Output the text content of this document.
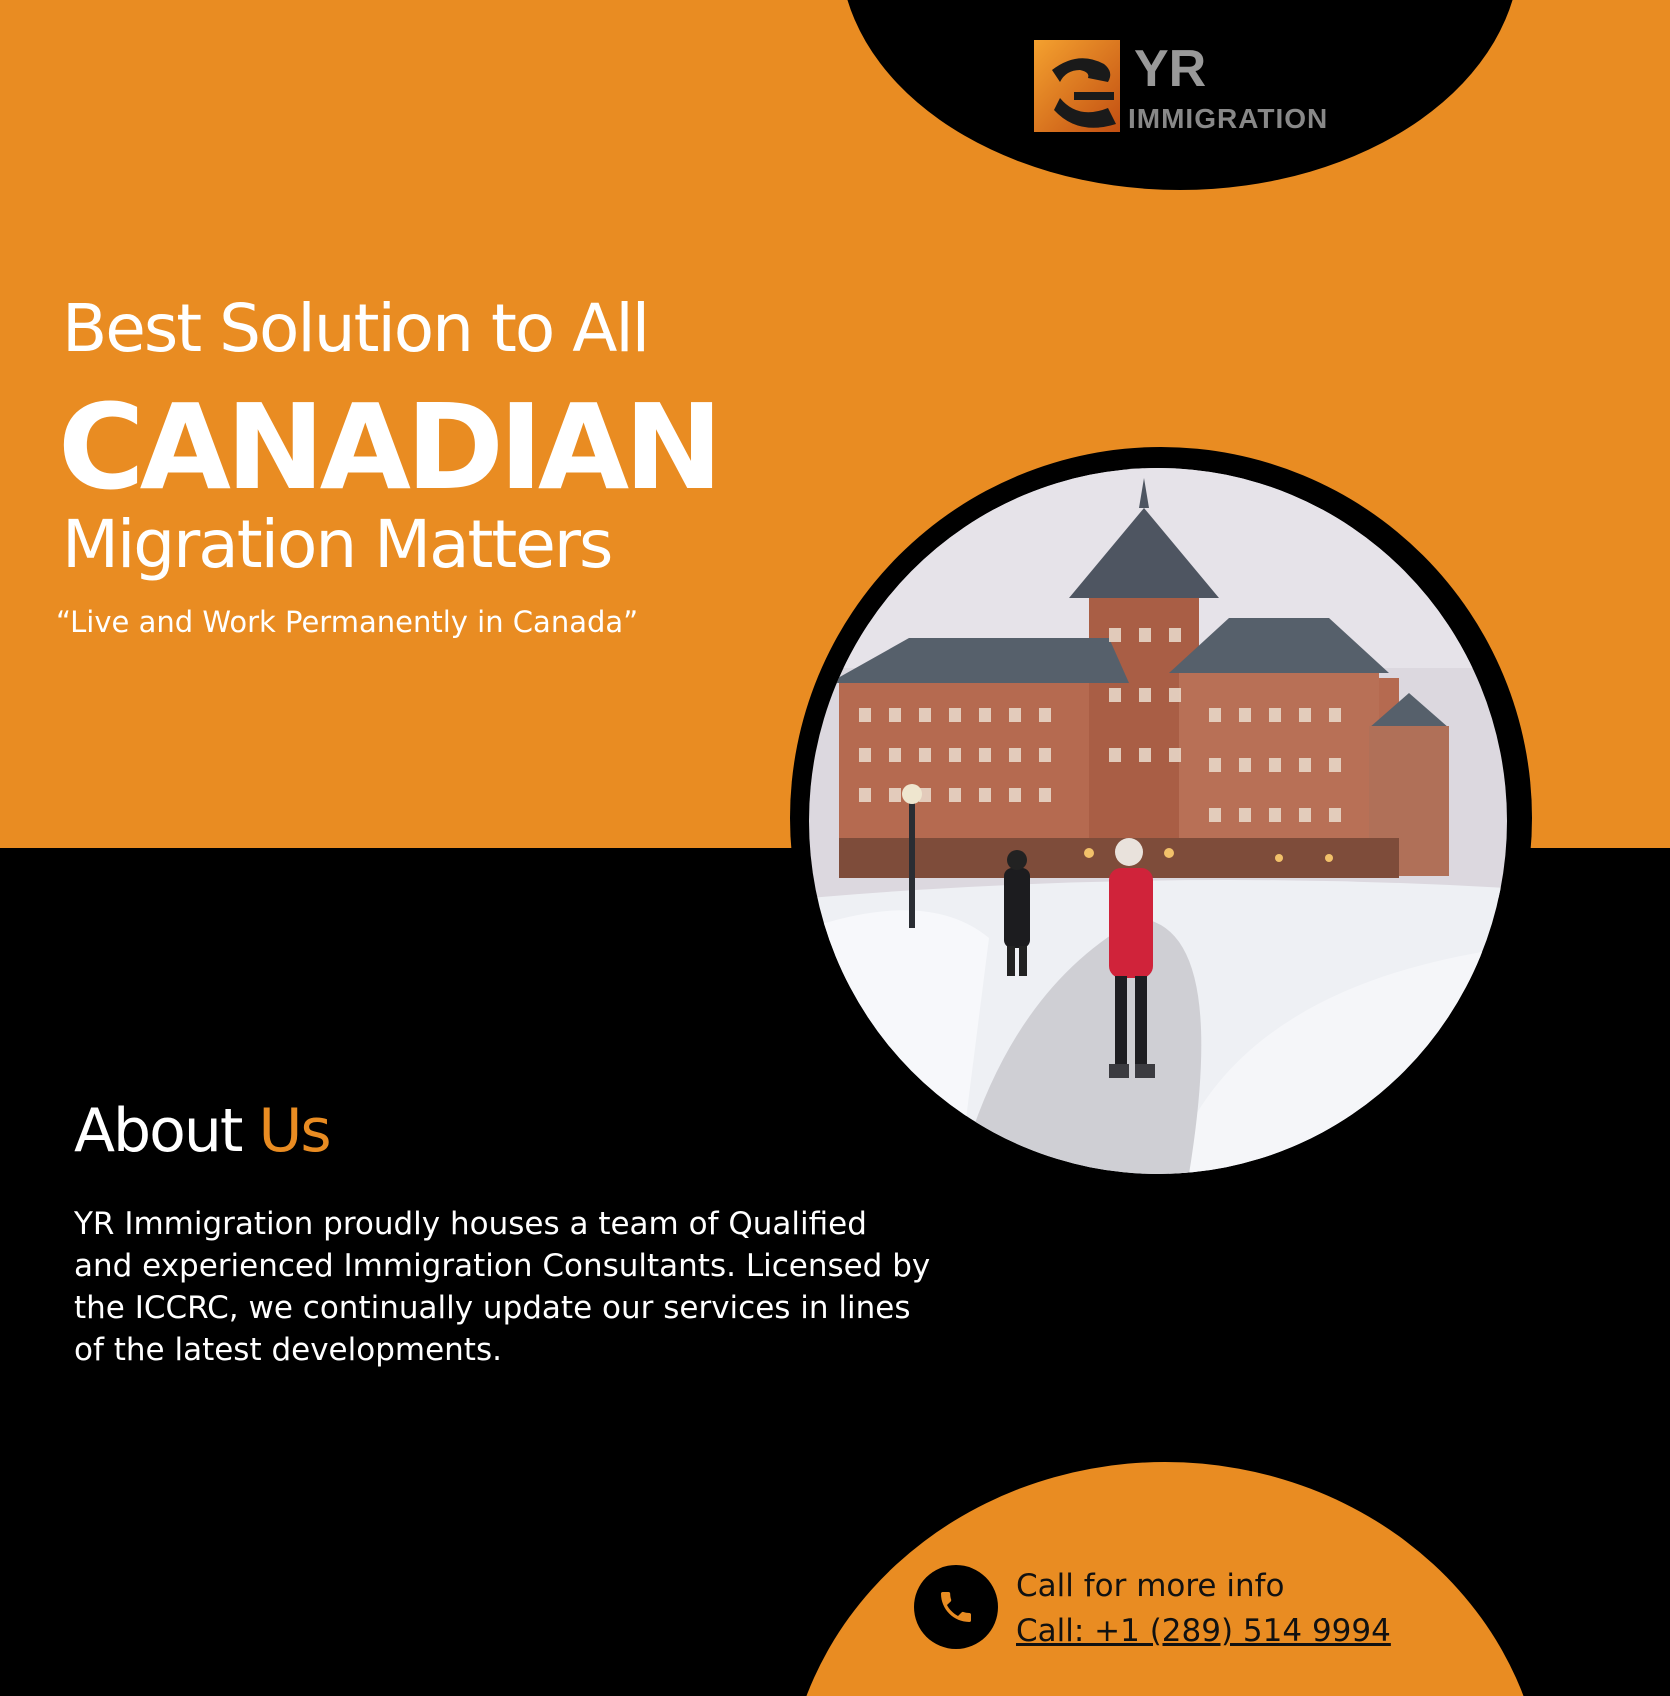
YR
IMMIGRATION
Best Solution to All
CANADIAN
Migration Matters
“Live and Work Permanently in Canada”
About Us
YR Immigration proudly houses a team of Qualified and experienced Immigration Consultants. Licensed by the ICCRC, we continually update our services in lines of the latest developments.
Call for more info
Call: +1 (289) 514 9994
